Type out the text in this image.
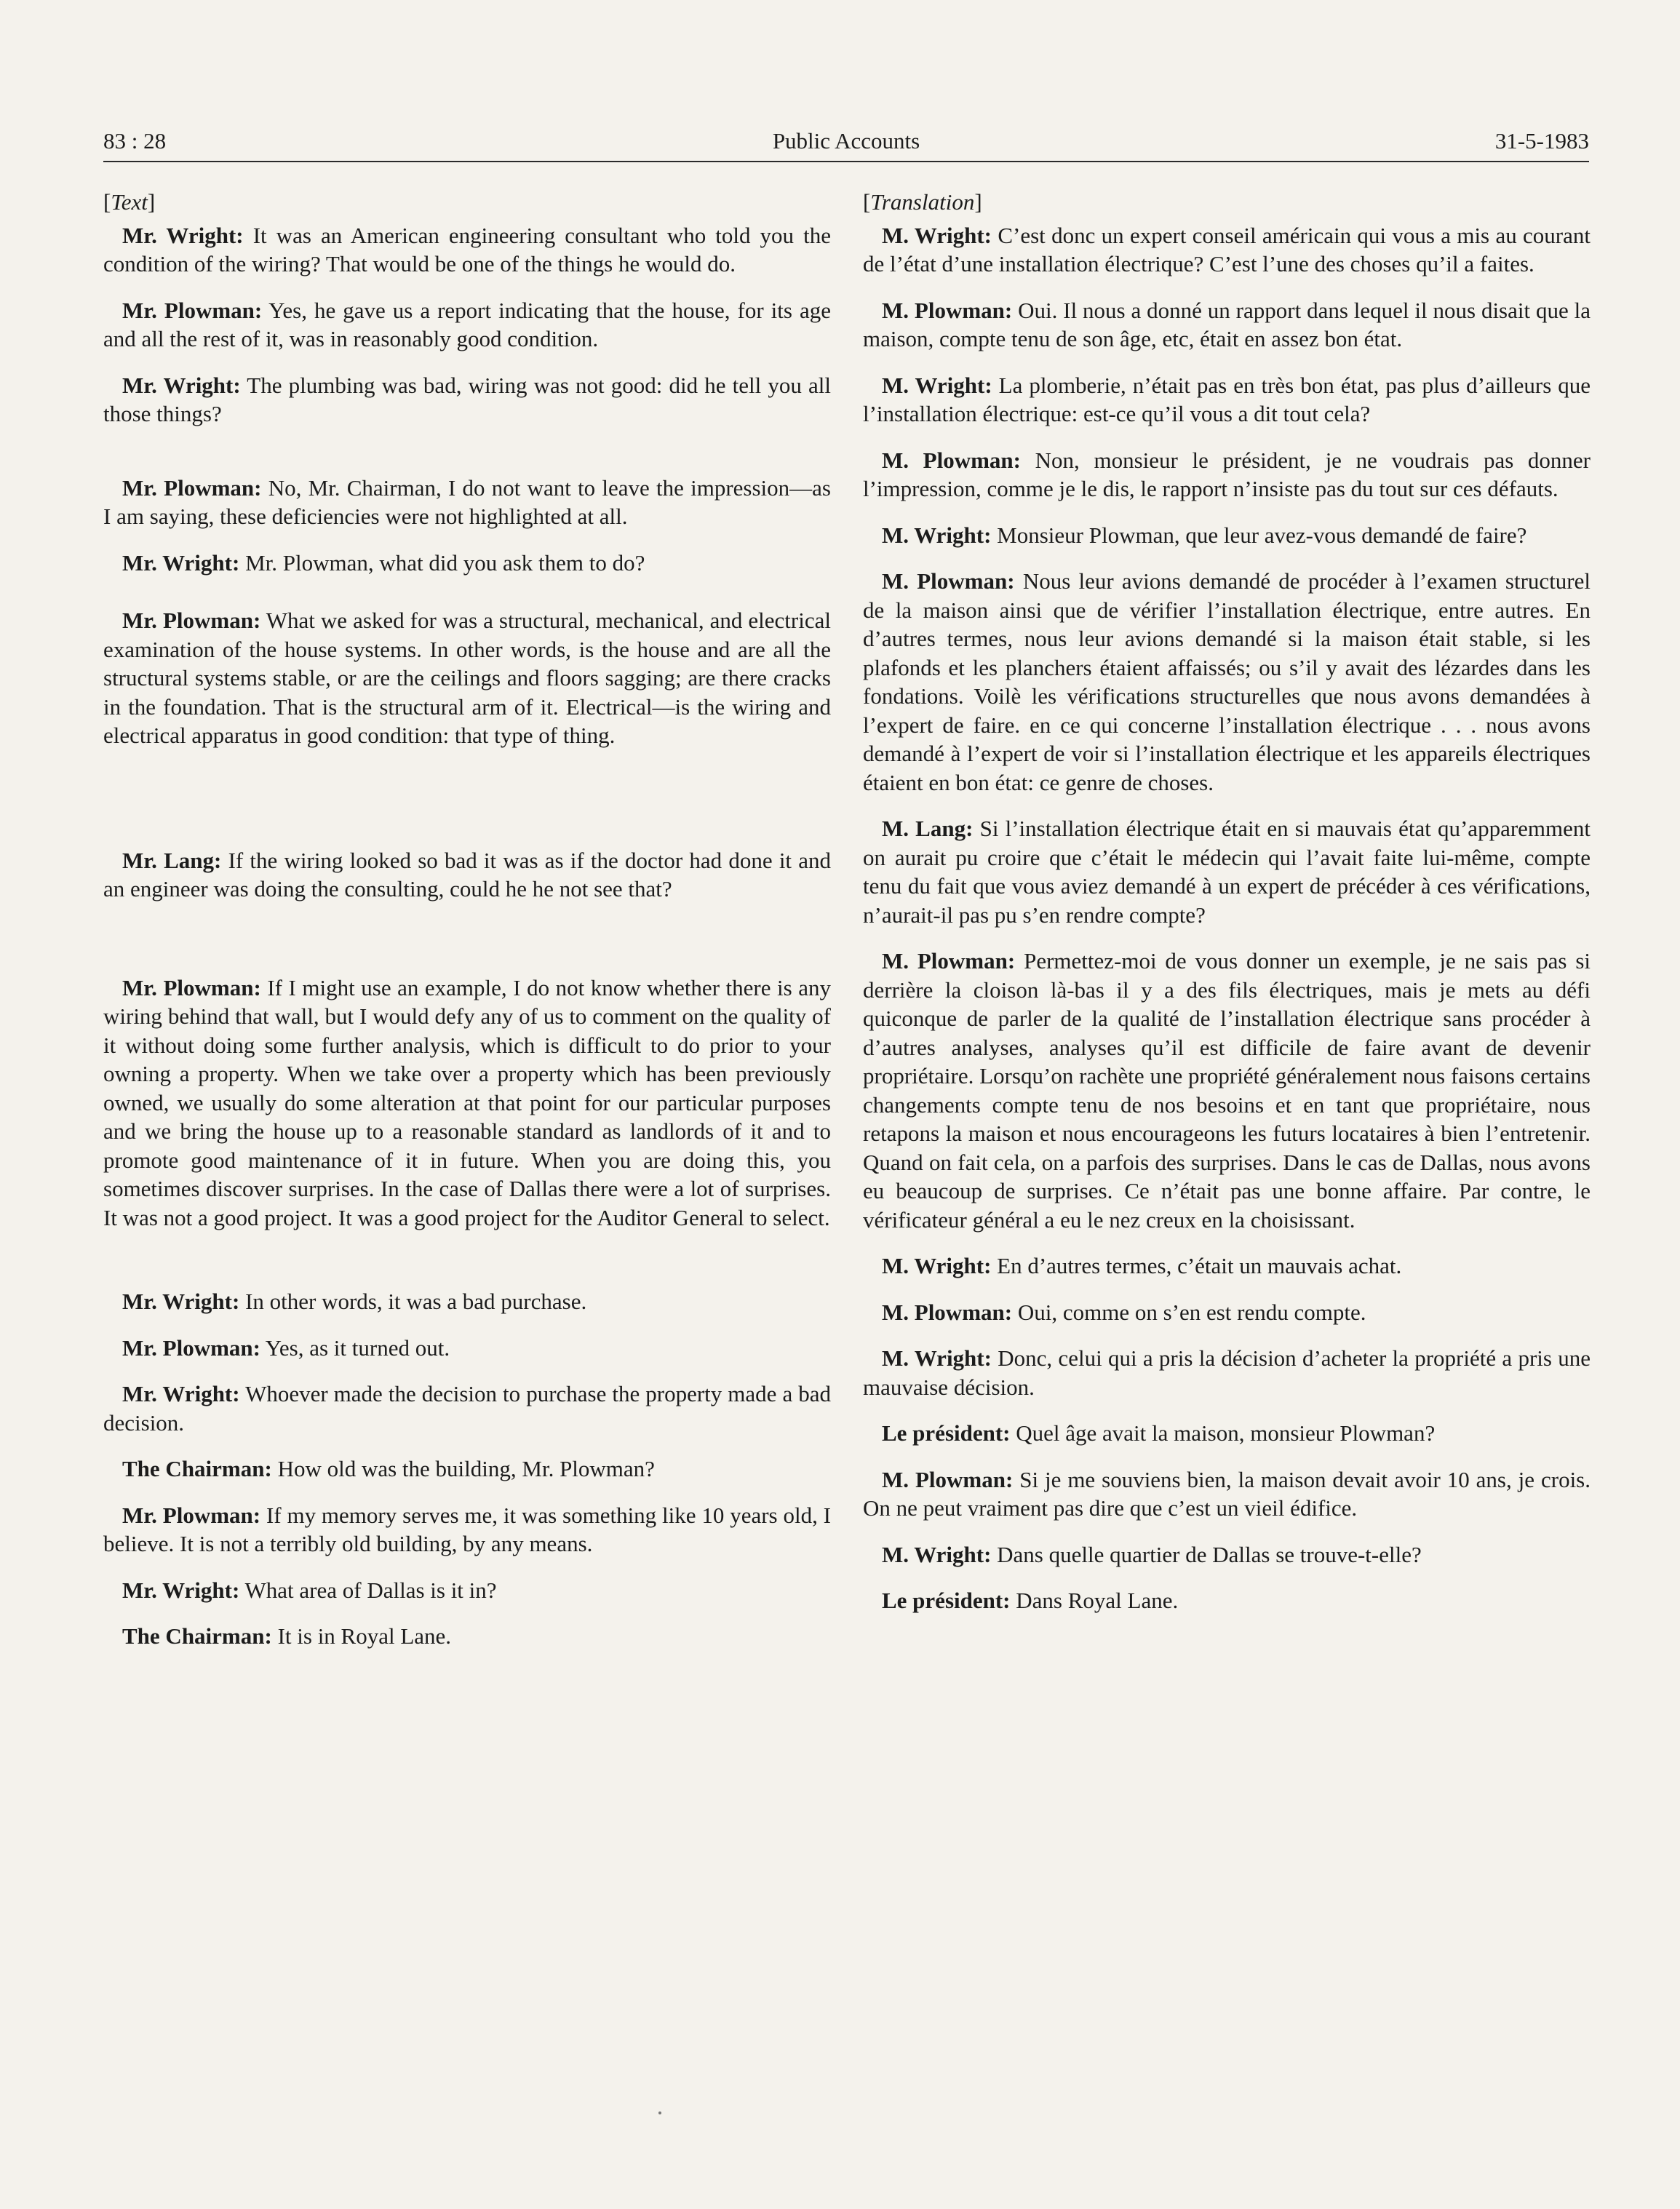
83 : 28	Public Accounts	31-5-1983

[Text]

Mr. Wright: It was an American engineering consultant who told you the condition of the wiring? That would be one of the things he would do.

Mr. Plowman: Yes, he gave us a report indicating that the house, for its age and all the rest of it, was in reasonably good condition.

Mr. Wright: The plumbing was bad, wiring was not good: did he tell you all those things?

Mr. Plowman: No, Mr. Chairman, I do not want to leave the impression—as I am saying, these deficiencies were not highlighted at all.

Mr. Wright: Mr. Plowman, what did you ask them to do?

Mr. Plowman: What we asked for was a structural, mechanical, and electrical examination of the house systems. In other words, is the house and are all the structural systems stable, or are the ceilings and floors sagging; are there cracks in the foundation. That is the structural arm of it. Electrical—is the wiring and electrical apparatus in good condition: that type of thing.

Mr. Lang: If the wiring looked so bad it was as if the doctor had done it and an engineer was doing the consulting, could he he not see that?

Mr. Plowman: If I might use an example, I do not know whether there is any wiring behind that wall, but I would defy any of us to comment on the quality of it without doing some further analysis, which is difficult to do prior to your owning a property. When we take over a property which has been previously owned, we usually do some alteration at that point for our particular purposes and we bring the house up to a reasonable standard as landlords of it and to promote good maintenance of it in future. When you are doing this, you sometimes discover surprises. In the case of Dallas there were a lot of surprises. It was not a good project. It was a good project for the Auditor General to select.

Mr. Wright: In other words, it was a bad purchase.

Mr. Plowman: Yes, as it turned out.

Mr. Wright: Whoever made the decision to purchase the property made a bad decision.

The Chairman: How old was the building, Mr. Plowman?

Mr. Plowman: If my memory serves me, it was something like 10 years old, I believe. It is not a terribly old building, by any means.

Mr. Wright: What area of Dallas is it in?

The Chairman: It is in Royal Lane.

[Translation]

M. Wright: C’est donc un expert conseil américain qui vous a mis au courant de l’état d’une installation électrique? C’est l’une des choses qu’il a faites.

M. Plowman: Oui. Il nous a donné un rapport dans lequel il nous disait que la maison, compte tenu de son âge, etc, était en assez bon état.

M. Wright: La plomberie, n’était pas en très bon état, pas plus d’ailleurs que l’installation électrique: est-ce qu’il vous a dit tout cela?

M. Plowman: Non, monsieur le président, je ne voudrais pas donner l’impression, comme je le dis, le rapport n’insiste pas du tout sur ces défauts.

M. Wright: Monsieur Plowman, que leur avez-vous demandé de faire?

M. Plowman: Nous leur avions demandé de procéder à l’examen structurel de la maison ainsi que de vérifier l’installation électrique, entre autres. En d’autres termes, nous leur avions demandé si la maison était stable, si les plafonds et les planchers étaient affaissés; ou s’il y avait des lézardes dans les fondations. Voilè les vérifications structurelles que nous avons demandées à l’expert de faire. en ce qui concerne l’installation électrique . . . nous avons demandé à l’expert de voir si l’installation électrique et les appareils électriques étaient en bon état: ce genre de choses.

M. Lang: Si l’installation électrique était en si mauvais état qu’apparemment on aurait pu croire que c’était le médecin qui l’avait faite lui-même, compte tenu du fait que vous aviez demandé à un expert de précéder à ces vérifications, n’aurait-il pas pu s’en rendre compte?

M. Plowman: Permettez-moi de vous donner un exemple, je ne sais pas si derrière la cloison là-bas il y a des fils électriques, mais je mets au défi quiconque de parler de la qualité de l’installation électrique sans procéder à d’autres analyses, analyses qu’il est difficile de faire avant de devenir propriétaire. Lorsqu’on rachète une propriété généralement nous faisons certains changements compte tenu de nos besoins et en tant que propriétaire, nous retapons la maison et nous encourageons les futurs locataires à bien l’entretenir. Quand on fait cela, on a parfois des surprises. Dans le cas de Dallas, nous avons eu beaucoup de surprises. Ce n’était pas une bonne affaire. Par contre, le vérificateur général a eu le nez creux en la choisissant.

M. Wright: En d’autres termes, c’était un mauvais achat.

M. Plowman: Oui, comme on s’en est rendu compte.

M. Wright: Donc, celui qui a pris la décision d’acheter la propriété a pris une mauvaise décision.

Le président: Quel âge avait la maison, monsieur Plowman?

M. Plowman: Si je me souviens bien, la maison devait avoir 10 ans, je crois. On ne peut vraiment pas dire que c’est un vieil édifice.

M. Wright: Dans quelle quartier de Dallas se trouve-t-elle?

Le président: Dans Royal Lane.
